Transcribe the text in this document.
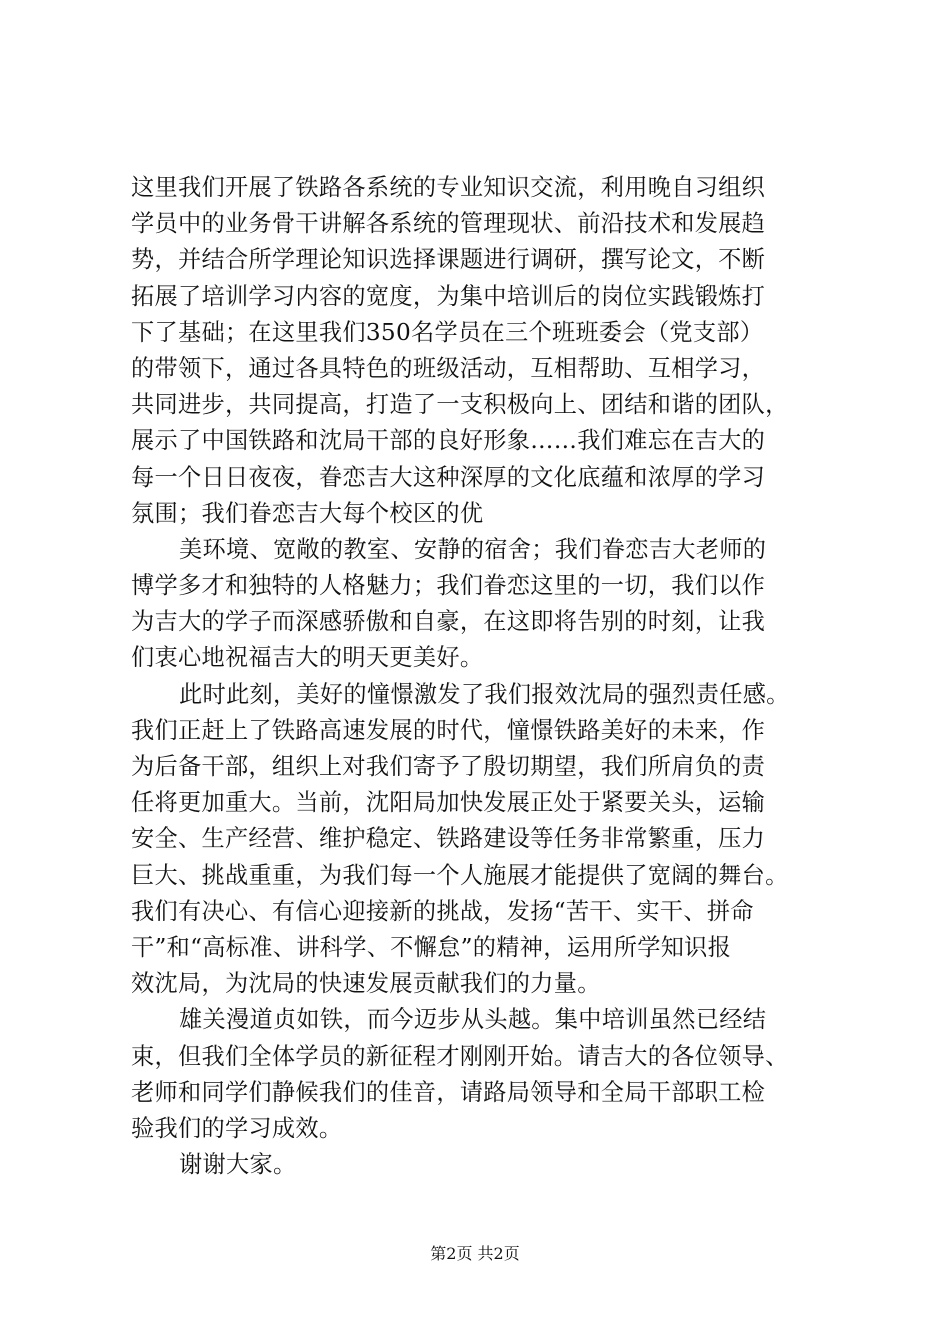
这里我们开展了铁路各系统的专业知识交流，利用晚自习组织
学员中的业务骨干讲解各系统的管理现状、前沿技术和发展趋
势，并结合所学理论知识选择课题进行调研，撰写论文，不断
拓展了培训学习内容的宽度，为集中培训后的岗位实践锻炼打
下了基础；在这里我们350名学员在三个班班委会（党支部）
的带领下，通过各具特色的班级活动，互相帮助、互相学习，
共同进步，共同提高，打造了一支积极向上、团结和谐的团队，
展示了中国铁路和沈局干部的良好形象……我们难忘在吉大的
每一个日日夜夜，眷恋吉大这种深厚的文化底蕴和浓厚的学习
氛围；我们眷恋吉大每个校区的优
美环境、宽敞的教室、安静的宿舍；我们眷恋吉大老师的
博学多才和独特的人格魅力；我们眷恋这里的一切，我们以作
为吉大的学子而深感骄傲和自豪，在这即将告别的时刻，让我
们衷心地祝福吉大的明天更美好。
此时此刻，美好的憧憬激发了我们报效沈局的强烈责任感。
我们正赶上了铁路高速发展的时代，憧憬铁路美好的未来，作
为后备干部，组织上对我们寄予了殷切期望，我们所肩负的责
任将更加重大。当前，沈阳局加快发展正处于紧要关头，运输
安全、生产经营、维护稳定、铁路建设等任务非常繁重，压力
巨大、挑战重重，为我们每一个人施展才能提供了宽阔的舞台。
我们有决心、有信心迎接新的挑战，发扬“苦干、实干、拼命
干”和“高标准、讲科学、不懈怠”的精神，运用所学知识报
效沈局，为沈局的快速发展贡献我们的力量。
雄关漫道贞如铁，而今迈步从头越。集中培训虽然已经结
束，但我们全体学员的新征程才刚刚开始。请吉大的各位领导、
老师和同学们静候我们的佳音，请路局领导和全局干部职工检
验我们的学习成效。
谢谢大家。
第2页 共2页
